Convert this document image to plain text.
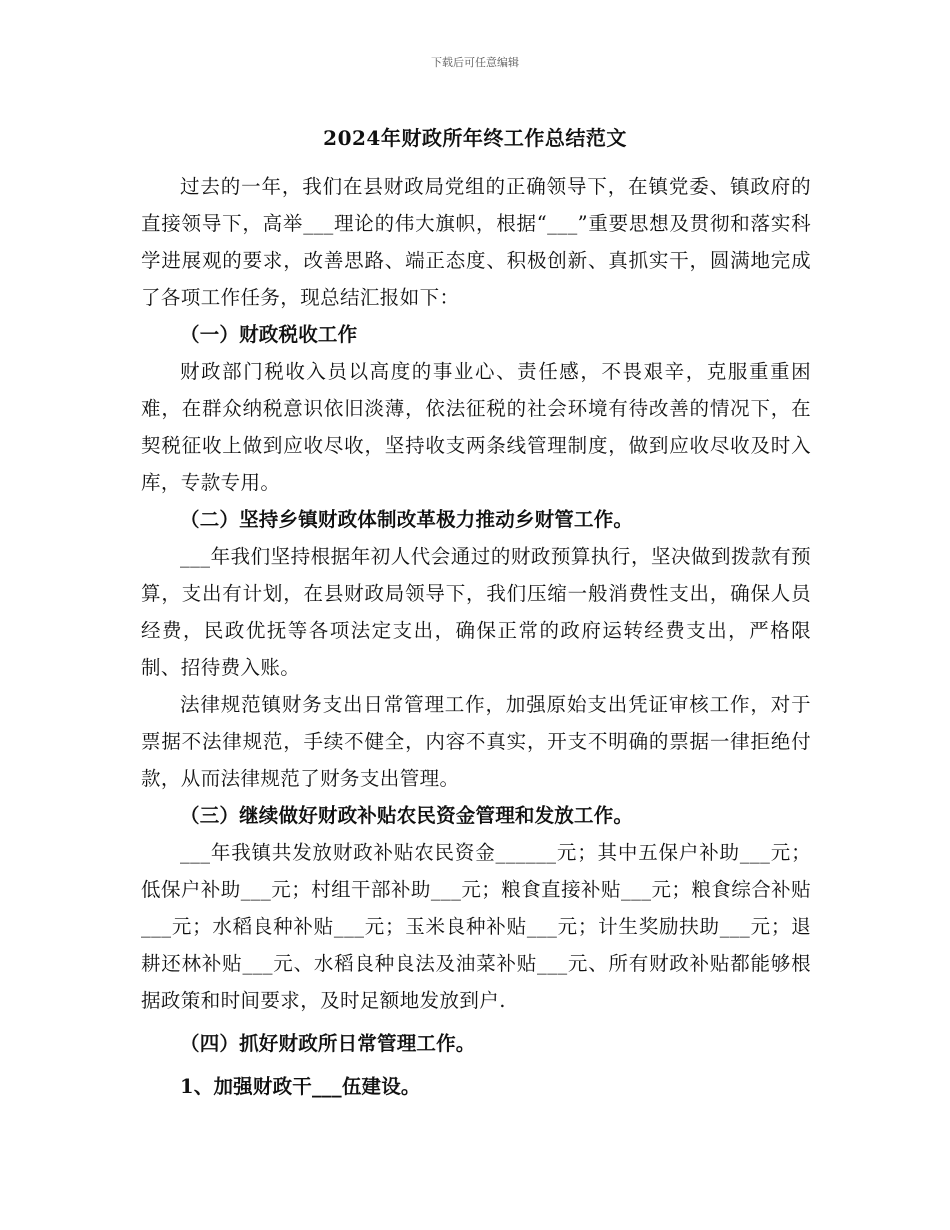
下载后可任意编辑
2024年财政所年终工作总结范文

过去的一年，我们在县财政局党组的正确领导下，在镇党委、镇政府的直接领导下，高举___理论的伟大旗帜，根据“___”重要思想及贯彻和落实科学进展观的要求，改善思路、端正态度、积极创新、真抓实干，圆满地完成了各项工作任务，现总结汇报如下：

（一）财政税收工作

财政部门税收入员以高度的事业心、责任感，不畏艰辛，克服重重困难，在群众纳税意识依旧淡薄，依法征税的社会环境有待改善的情况下，在契税征收上做到应收尽收，坚持收支两条线管理制度，做到应收尽收及时入库，专款专用。

（二）坚持乡镇财政体制改革极力推动乡财管工作。

___年我们坚持根据年初人代会通过的财政预算执行，坚决做到拨款有预算，支出有计划，在县财政局领导下，我们压缩一般消费性支出，确保人员经费，民政优抚等各项法定支出，确保正常的政府运转经费支出，严格限制、招待费入账。

法律规范镇财务支出日常管理工作，加强原始支出凭证审核工作，对于票据不法律规范，手续不健全，内容不真实，开支不明确的票据一律拒绝付款，从而法律规范了财务支出管理。

（三）继续做好财政补贴农民资金管理和发放工作。

___年我镇共发放财政补贴农民资金______元；其中五保户补助___元；低保户补助___元；村组干部补助___元；粮食直接补贴___元；粮食综合补贴___元；水稻良种补贴___元；玉米良种补贴___元；计生奖励扶助___元；退耕还林补贴___元、水稻良种良法及油菜补贴___元、所有财政补贴都能够根据政策和时间要求，及时足额地发放到户.

（四）抓好财政所日常管理工作。

1、加强财政干___伍建设。
